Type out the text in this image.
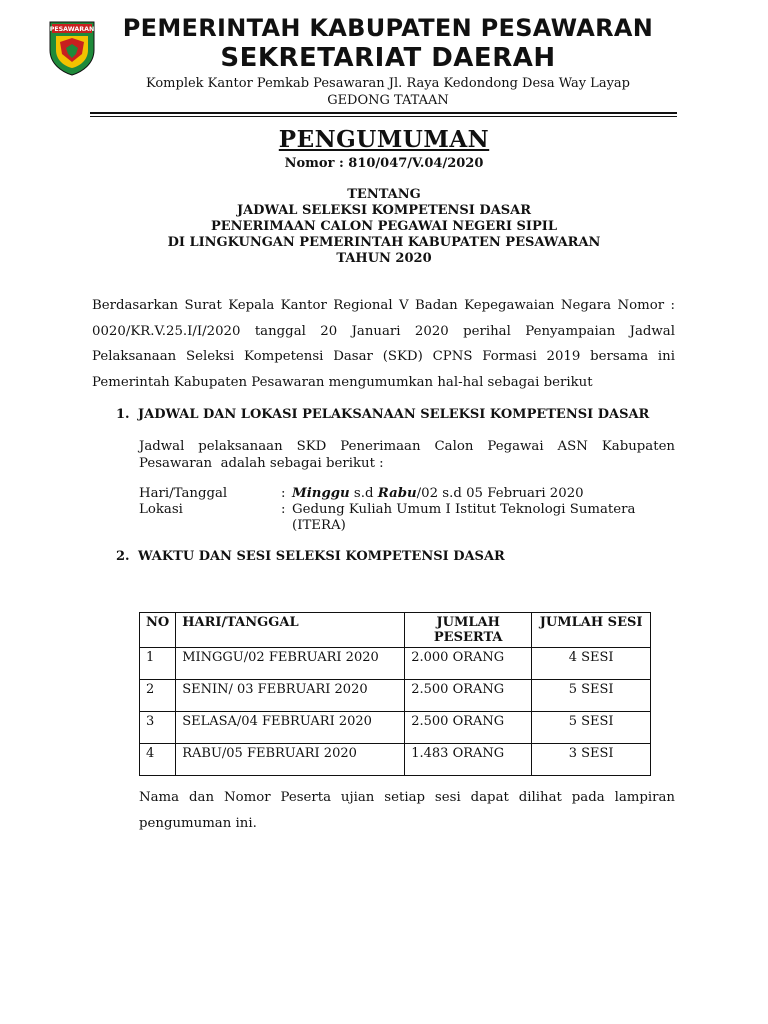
PESAWARAN	PEMERINTAH KABUPATEN PESAWARAN
SEKRETARIAT DAERAH
Komplek Kantor Pemkab Pesawaran Jl. Raya Kedondong Desa Way Layap
GEDONG TATAAN
PENGUMUMAN
Nomor : 810/047/V.04/2020
TENTANG
JADWAL SELEKSI KOMPETENSI DASAR
PENERIMAAN CALON PEGAWAI NEGERI SIPIL
DI LINGKUNGAN PEMERINTAH KABUPATEN PESAWARAN
TAHUN 2020
Berdasarkan Surat Kepala Kantor Regional V Badan Kepegawaian Negara Nomor :
0020/KR.V.25.I/I/2020 tanggal 20 Januari 2020 perihal Penyampaian Jadwal
Pelaksanaan Seleksi Kompetensi Dasar (SKD) CPNS Formasi 2019 bersama ini
Pemerintah Kabupaten Pesawaran mengumumkan hal-hal sebagai berikut
1. JADWAL DAN LOKASI PELAKSANAAN SELEKSI KOMPETENSI DASAR
Jadwal pelaksanaan SKD Penerimaan Calon Pegawai ASN Kabupaten
Pesawaran  adalah sebagai berikut :
Hari/Tanggal	: Minggu s.d Rabu/02 s.d 05 Februari 2020
Lokasi	: Gedung Kuliah Umum I Istitut Teknologi Sumatera
(ITERA)
2. WAKTU DAN SESI SELEKSI KOMPETENSI DASAR
NO	HARI/TANGGAL	JUMLAH PESERTA	JUMLAH SESI
1	MINGGU/02 FEBRUARI 2020	2.000 ORANG	4 SESI
2	SENIN/ 03 FEBRUARI 2020	2.500 ORANG	5 SESI
3	SELASA/04 FEBRUARI 2020	2.500 ORANG	5 SESI
4	RABU/05 FEBRUARI 2020	1.483 ORANG	3 SESI
Nama dan Nomor Peserta ujian setiap sesi dapat dilihat pada lampiran
pengumuman ini.
